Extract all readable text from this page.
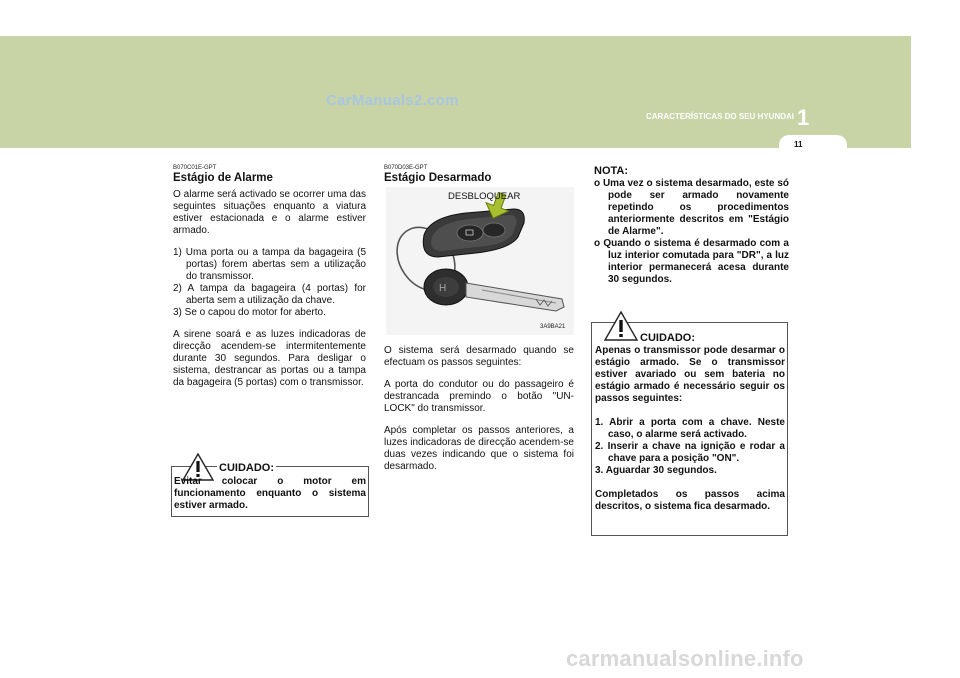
CarManuals2.com
CARACTERÍSTICAS DO SEU HYUNDAI 1
11
B070C01E-GPT
Estágio de Alarme
O alarme será activado se ocorrer uma das seguintes situações enquanto a viatura estiver estacionada e o alarme estiver armado.
1) Uma porta ou a tampa da bagageira (5 portas) forem abertas sem a utilização do transmissor.
2) A tampa da bagageira (4 portas) for aberta sem a utilização da chave.
3) Se o capou do motor for aberto.
A sirene soará e as luzes indicadoras de direcção acendem-se intermitentemente durante 30 segundos. Para desligar o sistema, destrancar as portas ou a tampa da bagageira (5 portas) com o transmissor.
CUIDADO:
Evitar colocar o motor em funcionamento enquanto o sistema estiver armado.
B070D03E-GPT
Estágio Desarmado
O sistema será desarmado quando se efectuam os passos seguintes:
A porta do condutor ou do passageiro é destrancada premindo o botão "UN-LOCK" do transmissor.
Após completar os passos anteriores, a luzes indicadoras de direcção acendem-se duas vezes indicando que o sistema foi desarmado.
H
DESBLOQUEAR
3A9BA21
NOTA:
o Uma vez o sistema desarmado, este só pode ser armado novamente repetindo os procedimentos anteriormente descritos em "Estágio de Alarme".
o Quando o sistema é desarmado com a luz interior comutada para "DR", a luz interior permanecerá acesa durante 30 segundos.
CUIDADO:
Apenas o transmissor pode desarmar o estágio armado. Se o transmissor estiver avariado ou sem bateria no estágio armado é necessário seguir os passos seguintes:
1. Abrir a porta com a chave. Neste caso, o alarme será activado.
2. Inserir a chave na ignição e rodar a chave para a posição "ON".
3. Aguardar 30 segundos.
Completados os passos acima descritos, o sistema fica desarmado.
carmanualsonline.info
